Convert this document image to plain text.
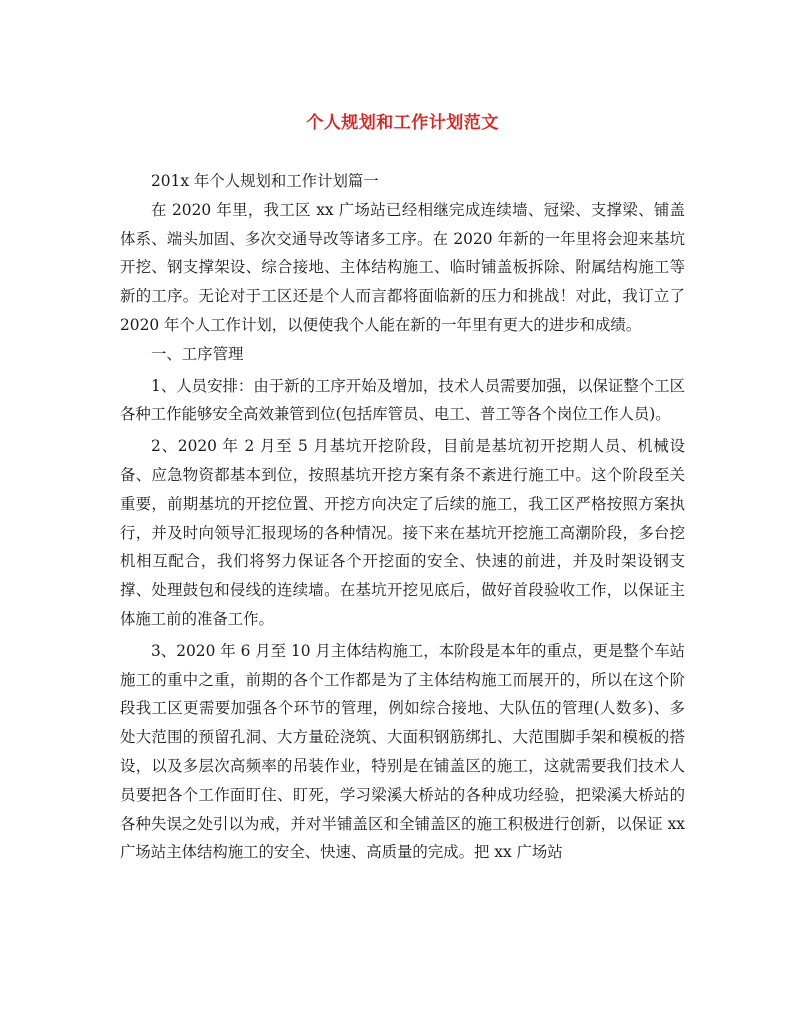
个人规划和工作计划范文

201x 年个人规划和工作计划篇一

在 2020 年里，我工区 xx 广场站已经相继完成连续墙、冠梁、支撑梁、铺盖体系、端头加固、多次交通导改等诸多工序。在 2020 年新的一年里将会迎来基坑开挖、钢支撑架设、综合接地、主体结构施工、临时铺盖板拆除、附属结构施工等新的工序。无论对于工区还是个人而言都将面临新的压力和挑战！对此，我订立了 2020 年个人工作计划，以便使我个人能在新的一年里有更大的进步和成绩。

一、工序管理

1、人员安排：由于新的工序开始及增加，技术人员需要加强，以保证整个工区各种工作能够安全高效兼管到位(包括库管员、电工、普工等各个岗位工作人员)。

2、2020 年 2 月至 5 月基坑开挖阶段，目前是基坑初开挖期人员、机械设备、应急物资都基本到位，按照基坑开挖方案有条不紊进行施工中。这个阶段至关重要，前期基坑的开挖位置、开挖方向决定了后续的施工，我工区严格按照方案执行，并及时向领导汇报现场的各种情况。接下来在基坑开挖施工高潮阶段，多台挖机相互配合，我们将努力保证各个开挖面的安全、快速的前进，并及时架设钢支撑、处理鼓包和侵线的连续墙。在基坑开挖见底后，做好首段验收工作，以保证主体施工前的准备工作。

3、2020 年 6 月至 10 月主体结构施工，本阶段是本年的重点，更是整个车站施工的重中之重，前期的各个工作都是为了主体结构施工而展开的，所以在这个阶段我工区更需要加强各个环节的管理，例如综合接地、大队伍的管理(人数多)、多处大范围的预留孔洞、大方量砼浇筑、大面积钢筋绑扎、大范围脚手架和模板的搭设，以及多层次高频率的吊装作业，特别是在铺盖区的施工，这就需要我们技术人员要把各个工作面盯住、盯死，学习梁溪大桥站的各种成功经验，把梁溪大桥站的各种失误之处引以为戒，并对半铺盖区和全铺盖区的施工积极进行创新，以保证 xx 广场站主体结构施工的安全、快速、高质量的完成。把 xx 广场站
